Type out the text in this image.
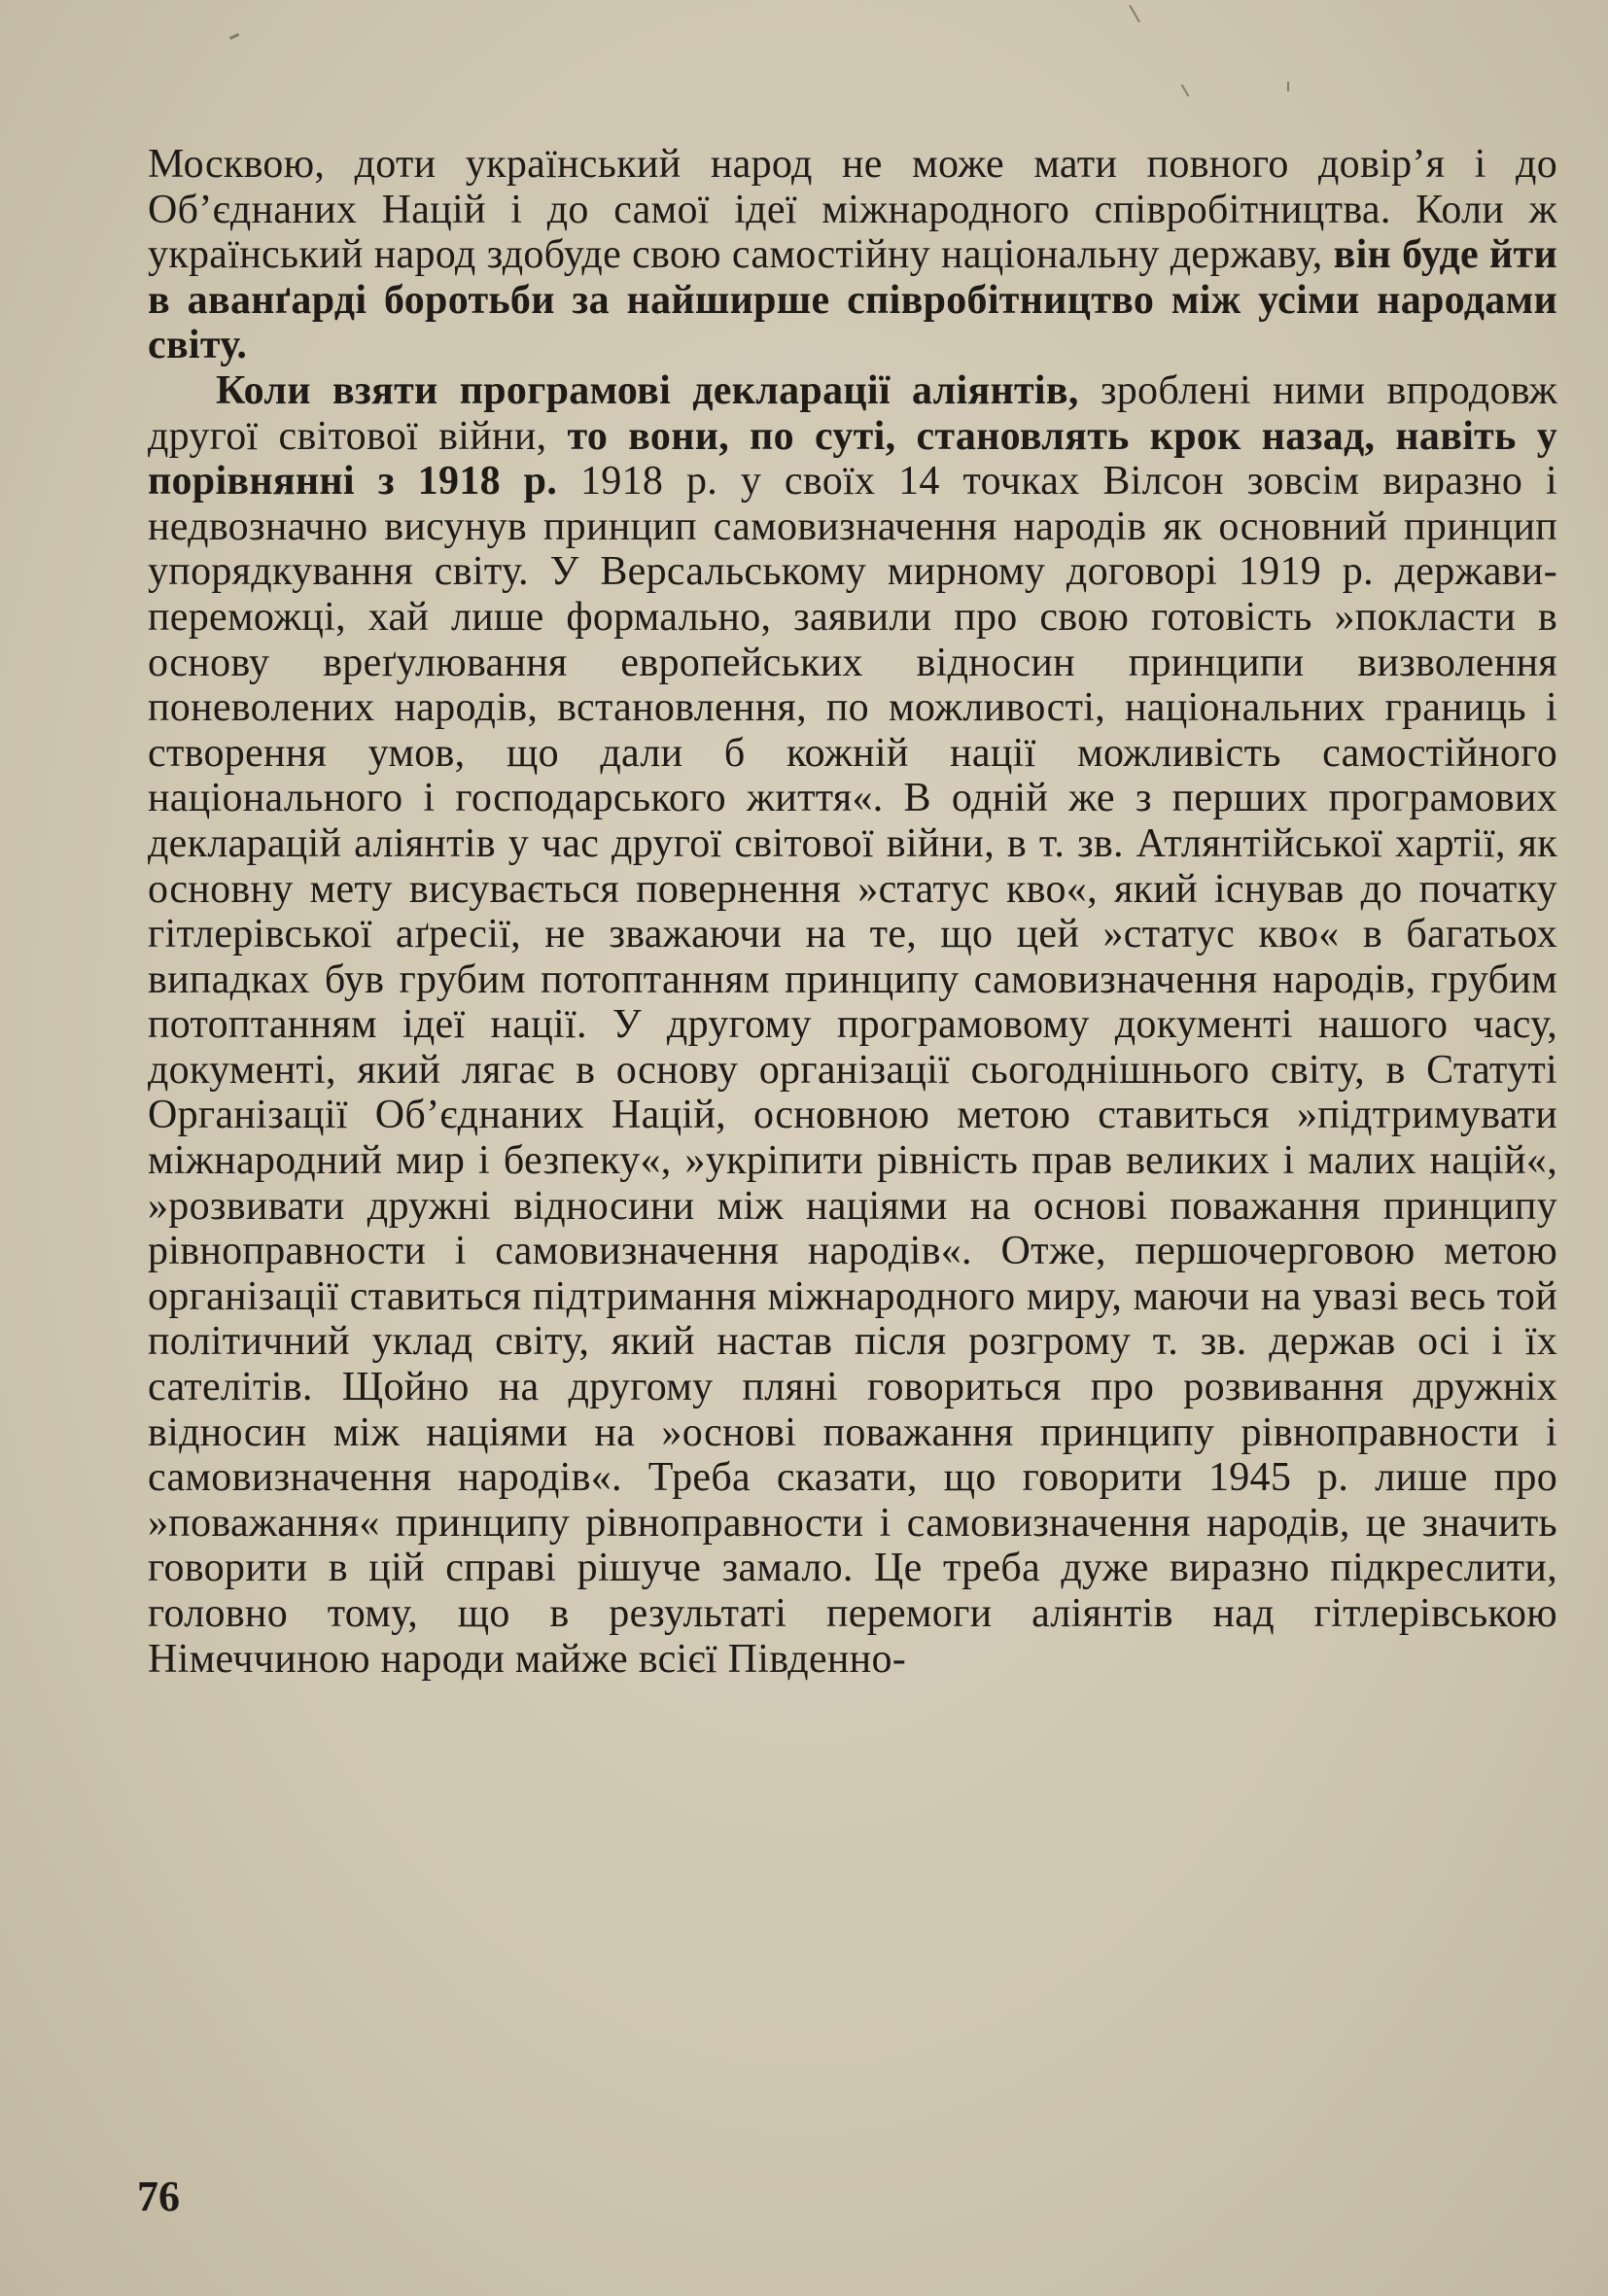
Москвою, доти український народ не може мати повного довір’я і до Об’єднаних Націй і до самої ідеї міжнародного співробітництва. Коли ж український народ здобуде свою самостійну національну державу, він буде йти в аванґарді боротьби за найширше співробітництво між усіми народами світу.

Коли взяти програмові декларації аліянтів, зроблені ними впродовж другої світової війни, то вони, по суті, становлять крок назад, навіть у порівнянні з 1918 р. 1918 р. у своїх 14 точках Вілсон зовсім виразно і недвозначно висунув принцип самовизначення народів як основний принцип упорядкування світу. У Версальському мирному договорі 1919 р. держави-переможці, хай лише формально, заявили про свою готовість »покласти в основу вреґулювання европейських відносин принципи визволення поневолених народів, встановлення, по можливості, національних границь і створення умов, що дали б кожній нації можливість самостійного національного і господарського життя«. В одній же з перших програмових декларацій аліянтів у час другої світової війни, в т. зв. Атлянтійської хартії, як основну мету висувається повернення »статус кво«, який існував до початку гітлерівської аґресії, не зважаючи на те, що цей »статус кво« в багатьох випадках був грубим потоптанням принципу самовизначення народів, грубим потоптанням ідеї нації. У другому програмовому документі нашого часу, документі, який лягає в основу організації сьогоднішнього світу, в Статуті Організації Об’єднаних Націй, основною метою ставиться »підтримувати міжнародний мир і безпеку«, »укріпити рівність прав великих і малих націй«, »розвивати дружні відносини між націями на основі поважання принципу рівноправности і самовизначення народів«. Отже, першочерговою метою організації ставиться підтримання міжнародного миру, маючи на увазі весь той політичний уклад світу, який настав після розгрому т. зв. держав осі і їх сателітів. Щойно на другому пляні говориться про розвивання дружніх відносин між націями на »основі поважання принципу рівноправности і самовизначення народів«. Треба сказати, що говорити 1945 р. лише про »поважання« принципу рівноправности і самовизначення народів, це значить говорити в цій справі рішуче замало. Це треба дуже виразно підкреслити, головно тому, що в результаті перемоги аліянтів над гітлерівською Німеччиною народи майже всієї Південно-

76
